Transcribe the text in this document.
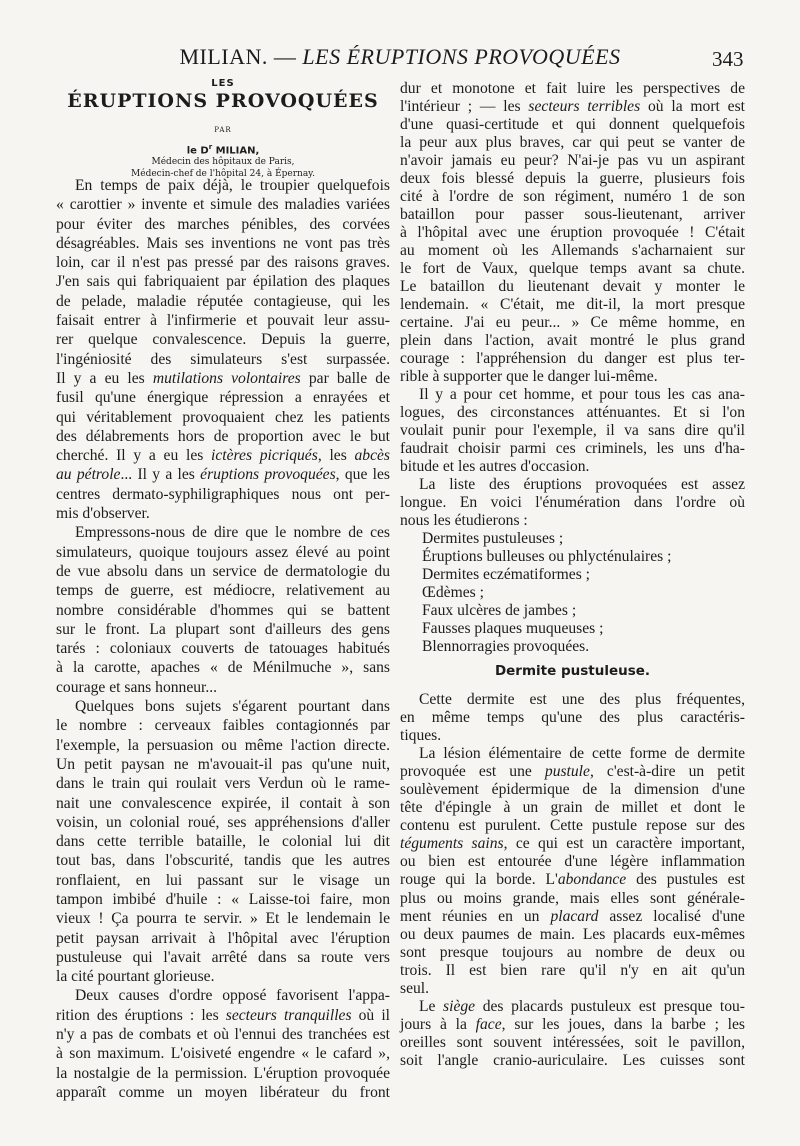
MILIAN. — LES ÉRUPTIONS PROVOQUÉES	343
LES
ÉRUPTIONS PROVOQUÉES
PAR
le $D^r$ MILIAN,
Médecin des hôpitaux de Paris,
Médecin-chef de l'hôpital 24, à Épernay.
En temps de paix déjà, le troupier quelquefois
« carottier » invente et simule des maladies variées
pour éviter des marches pénibles, des corvées
désagréables. Mais ses inventions ne vont pas très
loin, car il n'est pas pressé par des raisons graves.
J'en sais qui fabriquaient par épilation des plaques
de pelade, maladie réputée contagieuse, qui les
faisait entrer à l'infirmerie et pouvait leur assu-
rer quelque convalescence. Depuis la guerre,
l'ingéniosité des simulateurs s'est surpassée.
Il y a eu les mutilations volontaires par balle de
fusil qu'une énergique répression a enrayées et
qui véritablement provoquaient chez les patients
des délabrements hors de proportion avec le but
cherché. Il y a eu les ictères picriqués, les abcès
au pétrole... Il y a les éruptions provoquées, que les
centres dermato-syphiligraphiques nous ont per-
mis d'observer.
Empressons-nous de dire que le nombre de ces
simulateurs, quoique toujours assez élevé au point
de vue absolu dans un service de dermatologie du
temps de guerre, est médiocre, relativement au
nombre considérable d'hommes qui se battent
sur le front. La plupart sont d'ailleurs des gens
tarés : coloniaux couverts de tatouages habitués
à la carotte, apaches « de Ménilmuche », sans
courage et sans honneur...
Quelques bons sujets s'égarent pourtant dans
le nombre : cerveaux faibles contagionnés par
l'exemple, la persuasion ou même l'action directe.
Un petit paysan ne m'avouait-il pas qu'une nuit,
dans le train qui roulait vers Verdun où le rame-
nait une convalescence expirée, il contait à son
voisin, un colonial roué, ses appréhensions d'aller
dans cette terrible bataille, le colonial lui dit
tout bas, dans l'obscurité, tandis que les autres
ronflaient, en lui passant sur le visage un
tampon imbibé d'huile : « Laisse-toi faire, mon
vieux ! Ça pourra te servir. » Et le lendemain le
petit paysan arrivait à l'hôpital avec l'éruption
pustuleuse qui l'avait arrêté dans sa route vers
la cité pourtant glorieuse.
Deux causes d'ordre opposé favorisent l'appa-
rition des éruptions : les secteurs tranquilles où il
n'y a pas de combats et où l'ennui des tranchées est
à son maximum. L'oisiveté engendre « le cafard »,
la nostalgie de la permission. L'éruption provoquée
apparaît comme un moyen libérateur du front
dur et monotone et fait luire les perspectives de
l'intérieur ; — les secteurs terribles où la mort est
d'une quasi-certitude et qui donnent quelquefois
la peur aux plus braves, car qui peut se vanter de
n'avoir jamais eu peur? N'ai-je pas vu un aspirant
deux fois blessé depuis la guerre, plusieurs fois
cité à l'ordre de son régiment, numéro 1 de son
bataillon pour passer sous-lieutenant, arriver
à l'hôpital avec une éruption provoquée ! C'était
au moment où les Allemands s'acharnaient sur
le fort de Vaux, quelque temps avant sa chute.
Le bataillon du lieutenant devait y monter le
lendemain. « C'était, me dit-il, la mort presque
certaine. J'ai eu peur... » Ce même homme, en
plein dans l'action, avait montré le plus grand
courage : l'appréhension du danger est plus ter-
rible à supporter que le danger lui-même.
Il y a pour cet homme, et pour tous les cas ana-
logues, des circonstances atténuantes. Et si l'on
voulait punir pour l'exemple, il va sans dire qu'il
faudrait choisir parmi ces criminels, les uns d'ha-
bitude et les autres d'occasion.
La liste des éruptions provoquées est assez
longue. En voici l'énumération dans l'ordre où
nous les étudierons :
Dermites pustuleuses ;
Éruptions bulleuses ou phlycténulaires ;
Dermites eczématiformes ;
Œdèmes ;
Faux ulcères de jambes ;
Fausses plaques muqueuses ;
Blennorragies provoquées.
Dermite pustuleuse.
Cette dermite est une des plus fréquentes,
en même temps qu'une des plus caractéris-
tiques.
La lésion élémentaire de cette forme de dermite
provoquée est une pustule, c'est-à-dire un petit
soulèvement épidermique de la dimension d'une
tête d'épingle à un grain de millet et dont le
contenu est purulent. Cette pustule repose sur des
téguments sains, ce qui est un caractère important,
ou bien est entourée d'une légère inflammation
rouge qui la borde. L'abondance des pustules est
plus ou moins grande, mais elles sont générale-
ment réunies en un placard assez localisé d'une
ou deux paumes de main. Les placards eux-mêmes
sont presque toujours au nombre de deux ou
trois. Il est bien rare qu'il n'y en ait qu'un
seul.
Le siège des placards pustuleux est presque tou-
jours à la face, sur les joues, dans la barbe ; les
oreilles sont souvent intéressées, soit le pavillon,
soit l'angle cranio-auriculaire. Les cuisses sont
